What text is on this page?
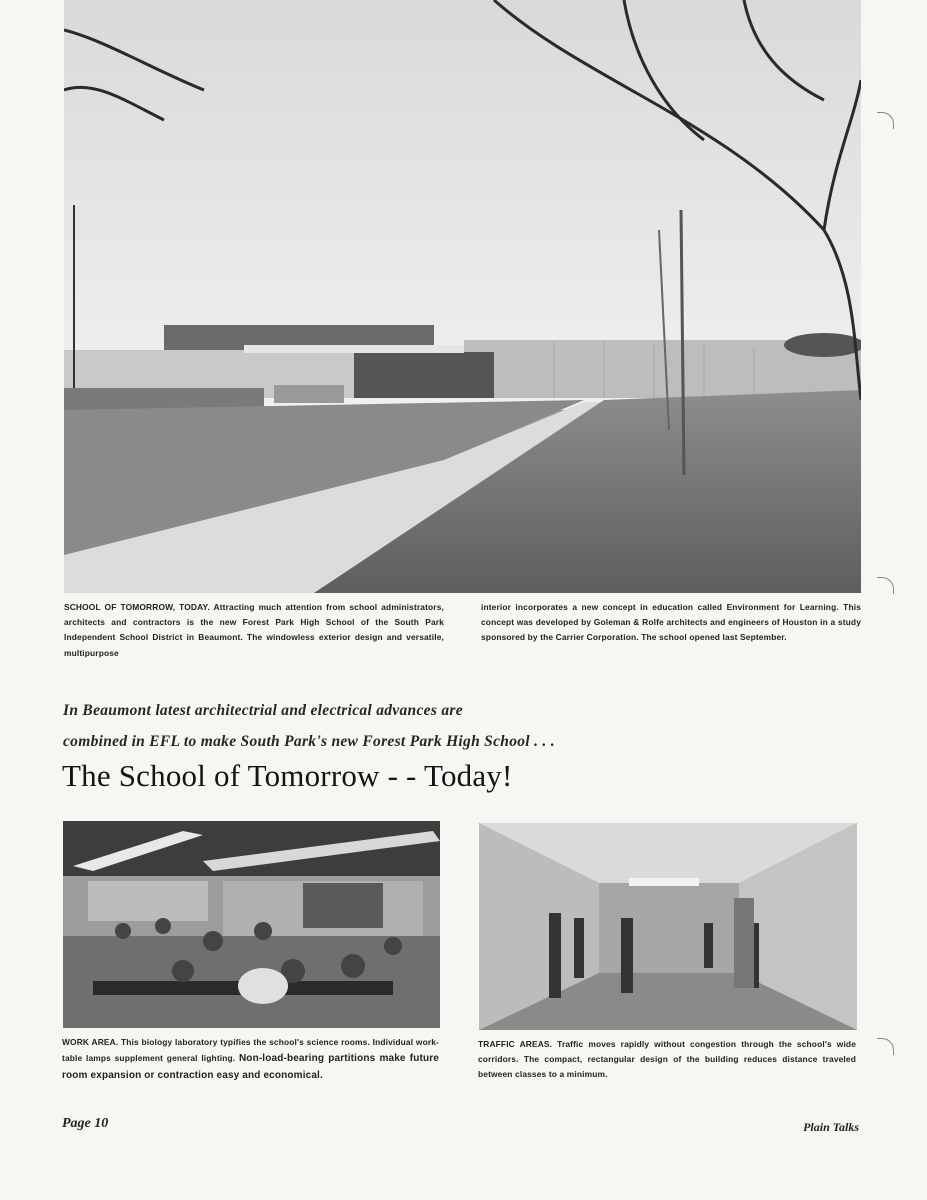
SCHOOL OF TOMORROW, TODAY. Attracting much attention from school administrators, architects and contractors is the new Forest Park High School of the South Park Independent School District in Beaumont. The windowless exterior design and versatile, multipurpose
interior incorporates a new concept in education called Environment for Learning. This concept was developed by Goleman & Rolfe architects and engineers of Houston in a study sponsored by the Carrier Corporation. The school opened last September.
In Beaumont latest architectrial and electrical advances are
combined in EFL to make South Park's new Forest Park High School . . .
The School of Tomorrow - - Today!
WORK AREA. This biology laboratory typifies the school's science rooms. Individual work-table lamps supplement general lighting. Non-load-bearing partitions make future room expansion or contraction easy and economical.
TRAFFIC AREAS. Traffic moves rapidly without congestion through the school's wide corridors. The compact, rectangular design of the building reduces distance traveled between classes to a minimum.
Page 10	Plain Talks
